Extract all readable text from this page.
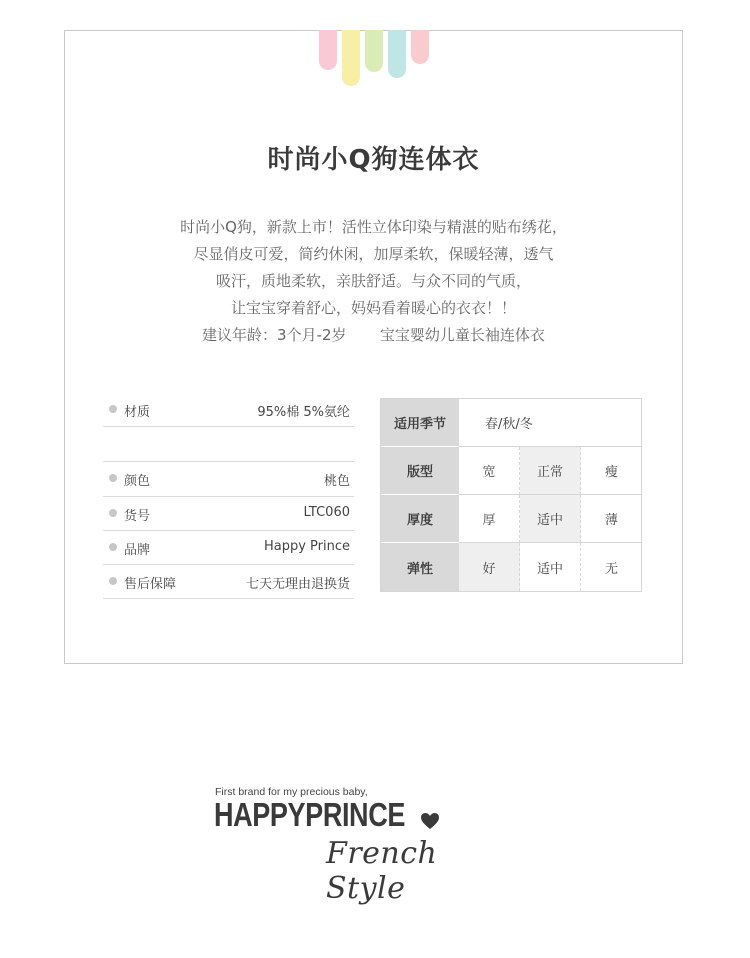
时尚小Q狗连体衣
时尚小Q狗，新款上市！活性立体印染与精湛的贴布绣花，
尽显俏皮可爱，简约休闲，加厚柔软，保暖轻薄，透气
吸汗，质地柔软，亲肤舒适。与众不同的气质，
让宝宝穿着舒心，妈妈看着暖心的衣衣！！
建议年龄：3个月-2岁       宝宝婴幼儿童长袖连体衣
材质	95%棉 5%氨纶
颜色	桃色
货号	LTC060
品牌	Happy Prince
售后保障	七天无理由退换货
适用季节	春/秋/冬
版型	宽	正常	瘦
厚度	厚	适中	薄
弹性	好	适中	无
First brand for my precious baby,
HAPPYPRINCE
French Style
